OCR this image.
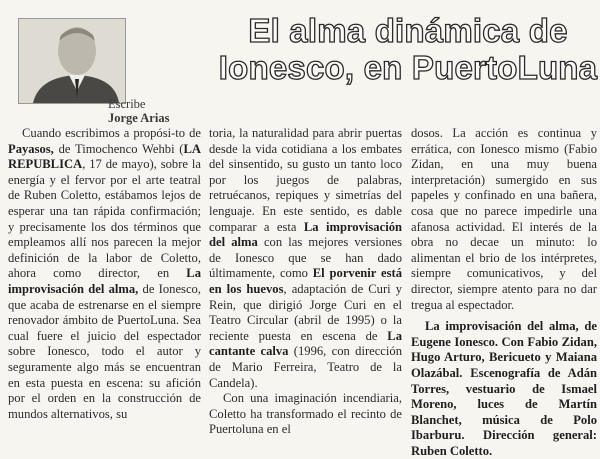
Escribe
Jorge Arias
El alma dinámica de
Ionesco, en PuertoLuna

Cuando escribimos a propósi-to de Payasos, de Timochenco Wehbi (LA REPUBLICA, 17 de mayo), sobre la energía y el fervor por el arte teatral de Ruben Coletto, estábamos lejos de esperar una tan rápida confirmación; y precisamente los dos términos que empleamos allí nos parecen la mejor definición de la labor de Coletto, ahora como director, en La improvisación del alma, de Ionesco, que acaba de estrenarse en el siempre renovador ámbito de PuertoLuna. Sea cual fuere el juicio del espectador sobre Ionesco, todo el autor y seguramente algo más se encuentran en esta puesta en escena: su afición por el orden en la construcción de mundos alternativos, su

toria, la naturalidad para abrir puertas desde la vida cotidiana a los embates del sinsentido, su gusto un tanto loco por los juegos de palabras, retruécanos, repiques y simetrías del lenguaje. En este sentido, es dable comparar a esta La improvisación del alma con las mejores versiones de Ionesco que se han dado últimamente, como El porvenir está en los huevos, adaptación de Curi y Rein, que dirigió Jorge Curi en el Teatro Circular (abril de 1995) o la reciente puesta en escena de La cantante calva (1996, con dirección de Mario Ferreira, Teatro de la Candela).

Con una imaginación incendiaria, Coletto ha transformado el recinto de Puertoluna en el

dosos. La acción es continua y errática, con Ionesco mismo (Fabio Zidan, en una muy buena interpretación) sumergido en sus papeles y confinado en una bañera, cosa que no parece impedirle una afanosa actividad. El interés de la obra no decae un minuto: lo alimentan el brio de los intérpretes, siempre comunicativos, y del director, siempre atento para no dar tregua al espectador.

La improvisación del alma, de Eugene Ionesco. Con Fabio Zidan, Hugo Arturo, Bericueto y Maiana Olazábal. Escenografía de Adán Torres, vestuario de Ismael Moreno, luces de Martín Blanchet, música de Polo Ibarburu. Dirección general: Ruben Coletto.
